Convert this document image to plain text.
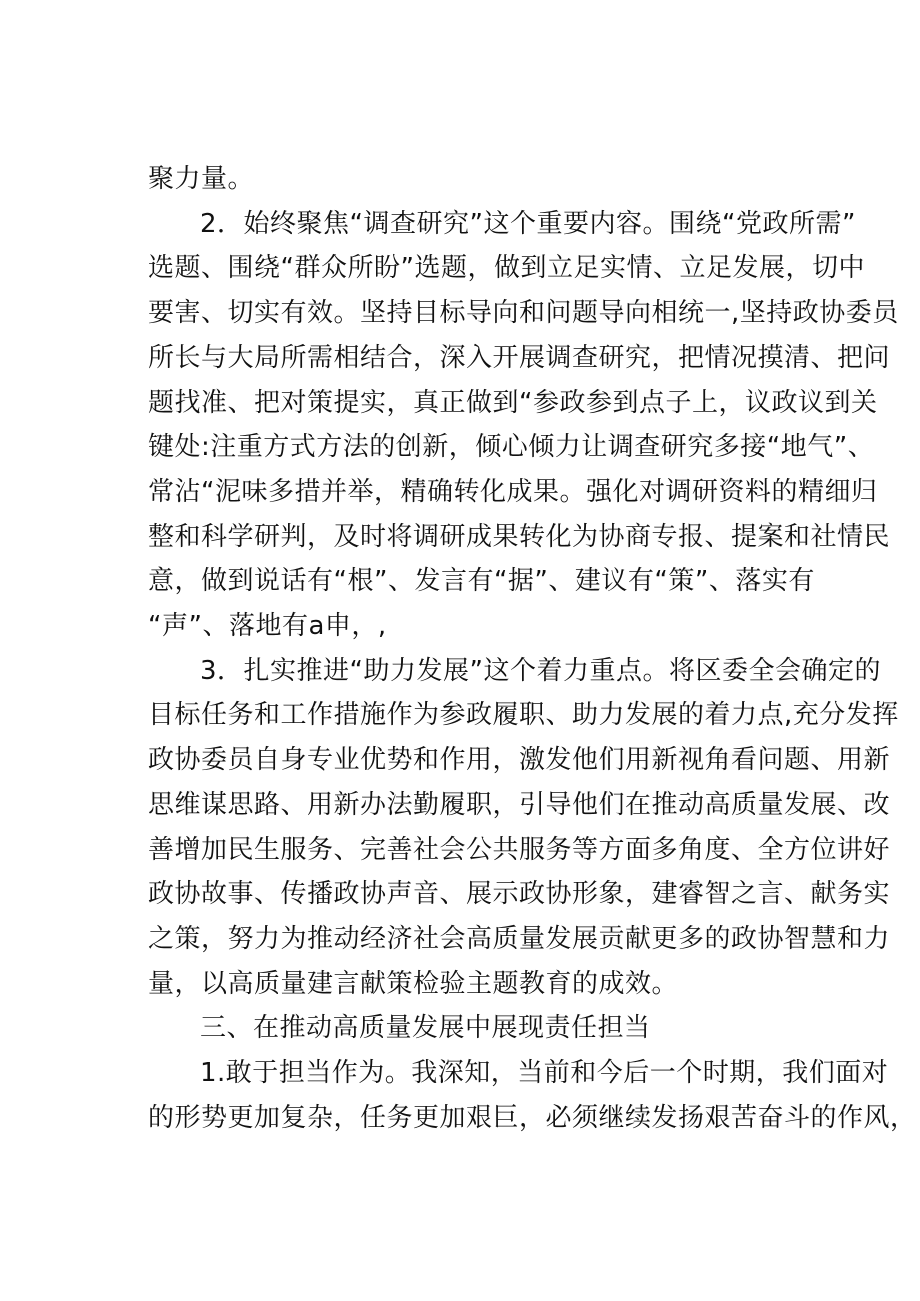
聚力量。
2．始终聚焦“调查研究”这个重要内容。围绕“党政所需”
选题、围绕“群众所盼”选题，做到立足实情、立足发展，切中
要害、切实有效。坚持目标导向和问题导向相统一,坚持政协委员
所长与大局所需相结合，深入开展调查研究，把情况摸清、把问
题找准、把对策提实，真正做到“参政参到点子上，议政议到关
键处:注重方式方法的创新，倾心倾力让调查研究多接“地气”、
常沾“泥味多措并举，精确转化成果。强化对调研资料的精细归
整和科学研判，及时将调研成果转化为协商专报、提案和社情民
意，做到说话有“根”、发言有“据”、建议有“策”、落实有
“声”、落地有a申，,
3．扎实推进“助力发展”这个着力重点。将区委全会确定的
目标任务和工作措施作为参政履职、助力发展的着力点,充分发挥
政协委员自身专业优势和作用，激发他们用新视角看问题、用新
思维谋思路、用新办法勤履职，引导他们在推动高质量发展、改
善增加民生服务、完善社会公共服务等方面多角度、全方位讲好
政协故事、传播政协声音、展示政协形象，建睿智之言、献务实
之策，努力为推动经济社会高质量发展贡献更多的政协智慧和力
量，以高质量建言献策检验主题教育的成效。
三、在推动高质量发展中展现责任担当
1.敢于担当作为。我深知，当前和今后一个时期，我们面对
的形势更加复杂，任务更加艰巨，必须继续发扬艰苦奋斗的作风，
